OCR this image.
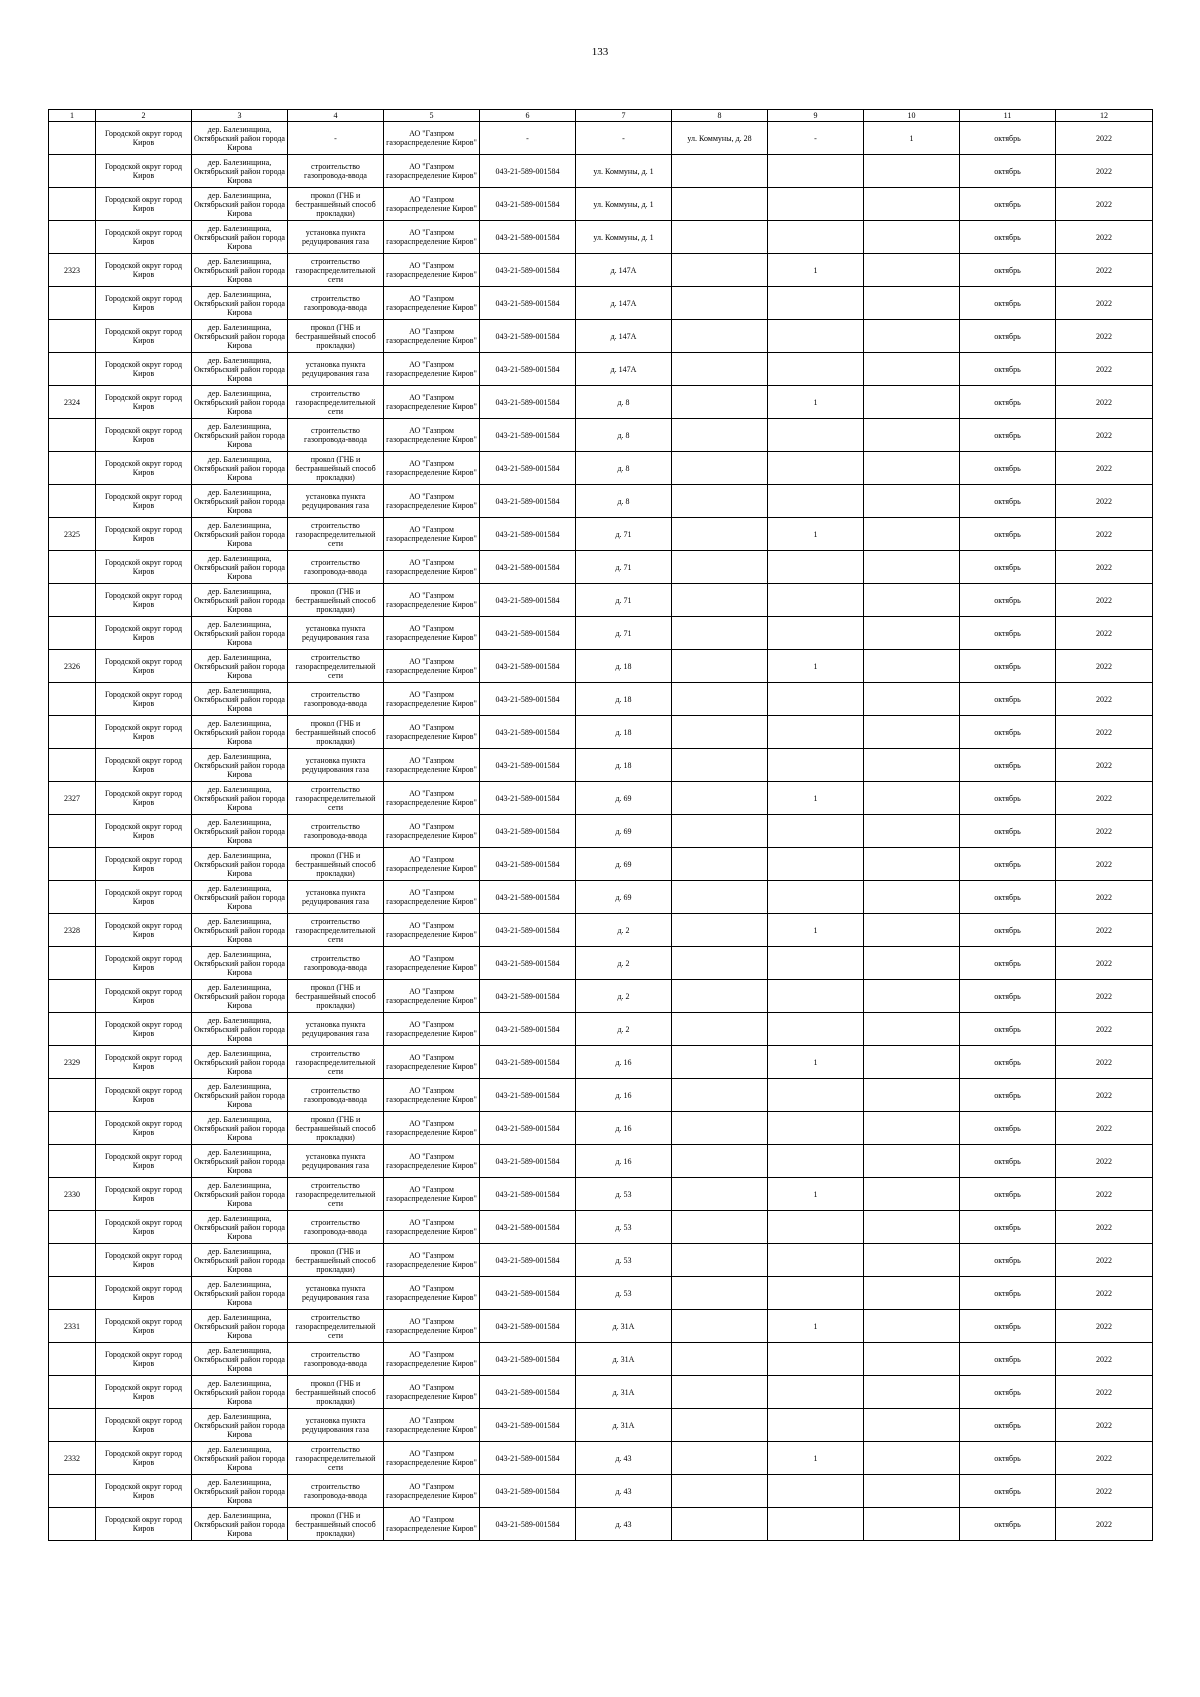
133
1	2	3	4	5	6	7	8	9	10	11	12
	Городской округ город Киров	дер. Балезинщина, Октябрьский район города Кирова	-	АО "Газпром газораспределение Киров"	-	-	ул. Коммуны, д. 28	-	1	октябрь	2022
	Городской округ город Киров	дер. Балезинщина, Октябрьский район города Кирова	строительство газопровода-ввода	АО "Газпром газораспределение Киров"	043-21-589-001584	ул. Коммуны, д. 1				октябрь	2022
	Городской округ город Киров	дер. Балезинщина, Октябрьский район города Кирова	прокол (ГНБ и бестраншейный способ прокладки)	АО "Газпром газораспределение Киров"	043-21-589-001584	ул. Коммуны, д. 1				октябрь	2022
	Городской округ город Киров	дер. Балезинщина, Октябрьский район города Кирова	установка пункта редуцирования газа	АО "Газпром газораспределение Киров"	043-21-589-001584	ул. Коммуны, д. 1				октябрь	2022
2323	Городской округ город Киров	дер. Балезинщина, Октябрьский район города Кирова	строительство газораспределительной сети	АО "Газпром газораспределение Киров"	043-21-589-001584	д. 147А		1		октябрь	2022
	Городской округ город Киров	дер. Балезинщина, Октябрьский район города Кирова	строительство газопровода-ввода	АО "Газпром газораспределение Киров"	043-21-589-001584	д. 147А				октябрь	2022
	Городской округ город Киров	дер. Балезинщина, Октябрьский район города Кирова	прокол (ГНБ и бестраншейный способ прокладки)	АО "Газпром газораспределение Киров"	043-21-589-001584	д. 147А				октябрь	2022
	Городской округ город Киров	дер. Балезинщина, Октябрьский район города Кирова	установка пункта редуцирования газа	АО "Газпром газораспределение Киров"	043-21-589-001584	д. 147А				октябрь	2022
2324	Городской округ город Киров	дер. Балезинщина, Октябрьский район города Кирова	строительство газораспределительной сети	АО "Газпром газораспределение Киров"	043-21-589-001584	д. 8		1		октябрь	2022
	Городской округ город Киров	дер. Балезинщина, Октябрьский район города Кирова	строительство газопровода-ввода	АО "Газпром газораспределение Киров"	043-21-589-001584	д. 8				октябрь	2022
	Городской округ город Киров	дер. Балезинщина, Октябрьский район города Кирова	прокол (ГНБ и бестраншейный способ прокладки)	АО "Газпром газораспределение Киров"	043-21-589-001584	д. 8				октябрь	2022
	Городской округ город Киров	дер. Балезинщина, Октябрьский район города Кирова	установка пункта редуцирования газа	АО "Газпром газораспределение Киров"	043-21-589-001584	д. 8				октябрь	2022
2325	Городской округ город Киров	дер. Балезинщина, Октябрьский район города Кирова	строительство газораспределительной сети	АО "Газпром газораспределение Киров"	043-21-589-001584	д. 71		1		октябрь	2022
	Городской округ город Киров	дер. Балезинщина, Октябрьский район города Кирова	строительство газопровода-ввода	АО "Газпром газораспределение Киров"	043-21-589-001584	д. 71				октябрь	2022
	Городской округ город Киров	дер. Балезинщина, Октябрьский район города Кирова	прокол (ГНБ и бестраншейный способ прокладки)	АО "Газпром газораспределение Киров"	043-21-589-001584	д. 71				октябрь	2022
	Городской округ город Киров	дер. Балезинщина, Октябрьский район города Кирова	установка пункта редуцирования газа	АО "Газпром газораспределение Киров"	043-21-589-001584	д. 71				октябрь	2022
2326	Городской округ город Киров	дер. Балезинщина, Октябрьский район города Кирова	строительство газораспределительной сети	АО "Газпром газораспределение Киров"	043-21-589-001584	д. 18		1		октябрь	2022
	Городской округ город Киров	дер. Балезинщина, Октябрьский район города Кирова	строительство газопровода-ввода	АО "Газпром газораспределение Киров"	043-21-589-001584	д. 18				октябрь	2022
	Городской округ город Киров	дер. Балезинщина, Октябрьский район города Кирова	прокол (ГНБ и бестраншейный способ прокладки)	АО "Газпром газораспределение Киров"	043-21-589-001584	д. 18				октябрь	2022
	Городской округ город Киров	дер. Балезинщина, Октябрьский район города Кирова	установка пункта редуцирования газа	АО "Газпром газораспределение Киров"	043-21-589-001584	д. 18				октябрь	2022
2327	Городской округ город Киров	дер. Балезинщина, Октябрьский район города Кирова	строительство газораспределительной сети	АО "Газпром газораспределение Киров"	043-21-589-001584	д. 69		1		октябрь	2022
	Городской округ город Киров	дер. Балезинщина, Октябрьский район города Кирова	строительство газопровода-ввода	АО "Газпром газораспределение Киров"	043-21-589-001584	д. 69				октябрь	2022
	Городской округ город Киров	дер. Балезинщина, Октябрьский район города Кирова	прокол (ГНБ и бестраншейный способ прокладки)	АО "Газпром газораспределение Киров"	043-21-589-001584	д. 69				октябрь	2022
	Городской округ город Киров	дер. Балезинщина, Октябрьский район города Кирова	установка пункта редуцирования газа	АО "Газпром газораспределение Киров"	043-21-589-001584	д. 69				октябрь	2022
2328	Городской округ город Киров	дер. Балезинщина, Октябрьский район города Кирова	строительство газораспределительной сети	АО "Газпром газораспределение Киров"	043-21-589-001584	д. 2		1		октябрь	2022
	Городской округ город Киров	дер. Балезинщина, Октябрьский район города Кирова	строительство газопровода-ввода	АО "Газпром газораспределение Киров"	043-21-589-001584	д. 2				октябрь	2022
	Городской округ город Киров	дер. Балезинщина, Октябрьский район города Кирова	прокол (ГНБ и бестраншейный способ прокладки)	АО "Газпром газораспределение Киров"	043-21-589-001584	д. 2				октябрь	2022
	Городской округ город Киров	дер. Балезинщина, Октябрьский район города Кирова	установка пункта редуцирования газа	АО "Газпром газораспределение Киров"	043-21-589-001584	д. 2				октябрь	2022
2329	Городской округ город Киров	дер. Балезинщина, Октябрьский район города Кирова	строительство газораспределительной сети	АО "Газпром газораспределение Киров"	043-21-589-001584	д. 16		1		октябрь	2022
	Городской округ город Киров	дер. Балезинщина, Октябрьский район города Кирова	строительство газопровода-ввода	АО "Газпром газораспределение Киров"	043-21-589-001584	д. 16				октябрь	2022
	Городской округ город Киров	дер. Балезинщина, Октябрьский район города Кирова	прокол (ГНБ и бестраншейный способ прокладки)	АО "Газпром газораспределение Киров"	043-21-589-001584	д. 16				октябрь	2022
	Городской округ город Киров	дер. Балезинщина, Октябрьский район города Кирова	установка пункта редуцирования газа	АО "Газпром газораспределение Киров"	043-21-589-001584	д. 16				октябрь	2022
2330	Городской округ город Киров	дер. Балезинщина, Октябрьский район города Кирова	строительство газораспределительной сети	АО "Газпром газораспределение Киров"	043-21-589-001584	д. 53		1		октябрь	2022
	Городской округ город Киров	дер. Балезинщина, Октябрьский район города Кирова	строительство газопровода-ввода	АО "Газпром газораспределение Киров"	043-21-589-001584	д. 53				октябрь	2022
	Городской округ город Киров	дер. Балезинщина, Октябрьский район города Кирова	прокол (ГНБ и бестраншейный способ прокладки)	АО "Газпром газораспределение Киров"	043-21-589-001584	д. 53				октябрь	2022
	Городской округ город Киров	дер. Балезинщина, Октябрьский район города Кирова	установка пункта редуцирования газа	АО "Газпром газораспределение Киров"	043-21-589-001584	д. 53				октябрь	2022
2331	Городской округ город Киров	дер. Балезинщина, Октябрьский район города Кирова	строительство газораспределительной сети	АО "Газпром газораспределение Киров"	043-21-589-001584	д. 31А		1		октябрь	2022
	Городской округ город Киров	дер. Балезинщина, Октябрьский район города Кирова	строительство газопровода-ввода	АО "Газпром газораспределение Киров"	043-21-589-001584	д. 31А				октябрь	2022
	Городской округ город Киров	дер. Балезинщина, Октябрьский район города Кирова	прокол (ГНБ и бестраншейный способ прокладки)	АО "Газпром газораспределение Киров"	043-21-589-001584	д. 31А				октябрь	2022
	Городской округ город Киров	дер. Балезинщина, Октябрьский район города Кирова	установка пункта редуцирования газа	АО "Газпром газораспределение Киров"	043-21-589-001584	д. 31А				октябрь	2022
2332	Городской округ город Киров	дер. Балезинщина, Октябрьский район города Кирова	строительство газораспределительной сети	АО "Газпром газораспределение Киров"	043-21-589-001584	д. 43		1		октябрь	2022
	Городской округ город Киров	дер. Балезинщина, Октябрьский район города Кирова	строительство газопровода-ввода	АО "Газпром газораспределение Киров"	043-21-589-001584	д. 43				октябрь	2022
	Городской округ город Киров	дер. Балезинщина, Октябрьский район города Кирова	прокол (ГНБ и бестраншейный способ прокладки)	АО "Газпром газораспределение Киров"	043-21-589-001584	д. 43				октябрь	2022
